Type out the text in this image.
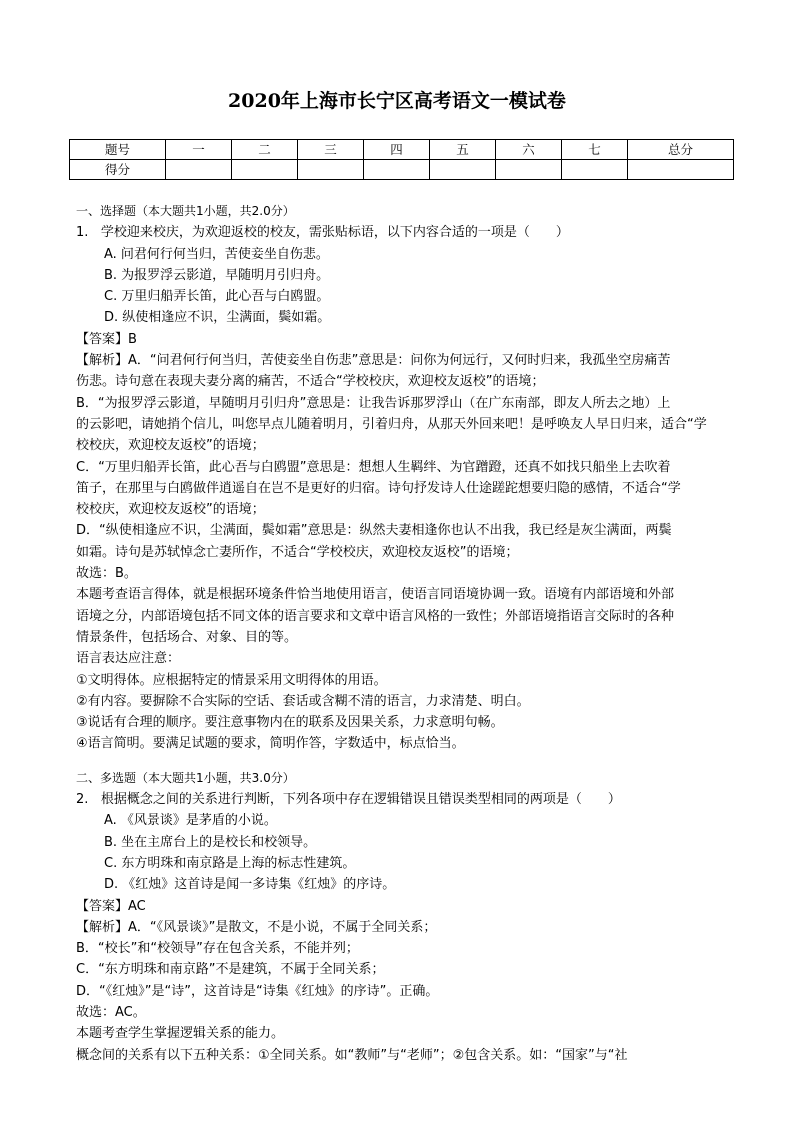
2020年上海市长宁区高考语文一模试卷
题号	一	二	三	四	五	六	七	总分
得分								
一、选择题（本大题共1小题，共2.0分）
1. 学校迎来校庆，为欢迎返校的校友，需张贴标语，以下内容合适的一项是（　　）
A. 问君何行何当归，苦使妾坐自伤悲。
B. 为报罗浮云影道，早随明月引归舟。
C. 万里归船弄长笛，此心吾与白鸥盟。
D. 纵使相逢应不识，尘满面，鬓如霜。
【答案】B
【解析】A．“问君何行何当归，苦使妾坐自伤悲”意思是：问你为何远行，又何时归来，我孤坐空房痛苦
伤悲。诗句意在表现夫妻分离的痛苦，不适合“学校校庆，欢迎校友返校”的语境；
B．“为报罗浮云影道，早随明月引归舟”意思是：让我告诉那罗浮山（在广东南部，即友人所去之地）上
的云影吧，请她捎个信儿，叫您早点儿随着明月，引着归舟，从那天外回来吧！是呼唤友人早日归来，适合“学
校校庆，欢迎校友返校”的语境；
C．“万里归船弄长笛，此心吾与白鸥盟”意思是：想想人生羁绊、为官蹭蹬，还真不如找只船坐上去吹着
笛子，在那里与白鸥做伴逍遥自在岂不是更好的归宿。诗句抒发诗人仕途蹉跎想要归隐的感情，不适合“学
校校庆，欢迎校友返校”的语境；
D．“纵使相逢应不识，尘满面，鬓如霜”意思是：纵然夫妻相逢你也认不出我，我已经是灰尘满面，两鬓
如霜。诗句是苏轼悼念亡妻所作，不适合“学校校庆，欢迎校友返校”的语境；
故选：B。
本题考查语言得体，就是根据环境条件恰当地使用语言，使语言同语境协调一致。语境有内部语境和外部
语境之分，内部语境包括不同文体的语言要求和文章中语言风格的一致性；外部语境指语言交际时的各种
情景条件，包括场合、对象、目的等。
语言表达应注意：
①文明得体。应根据特定的情景采用文明得体的用语。
②有内容。要摒除不合实际的空话、套话或含糊不清的语言，力求清楚、明白。
③说话有合理的顺序。要注意事物内在的联系及因果关系，力求意明句畅。
④语言简明。要满足试题的要求，简明作答，字数适中，标点恰当。
二、多选题（本大题共1小题，共3.0分）
2. 根据概念之间的关系进行判断，下列各项中存在逻辑错误且错误类型相同的两项是（　　）
A. 《风景谈》是茅盾的小说。
B. 坐在主席台上的是校长和校领导。
C. 东方明珠和南京路是上海的标志性建筑。
D. 《红烛》这首诗是闻一多诗集《红烛》的序诗。
【答案】AC
【解析】A．“《风景谈》”是散文，不是小说，不属于全同关系；
B．“校长”和“校领导”存在包含关系，不能并列；
C．“东方明珠和南京路”不是建筑，不属于全同关系；
D．“《红烛》”是“诗”，这首诗是“诗集《红烛》的序诗”。正确。
故选：AC。
本题考查学生掌握逻辑关系的能力。
概念间的关系有以下五种关系：①全同关系。如“教师”与“老师”；②包含关系。如：“国家”与“社
